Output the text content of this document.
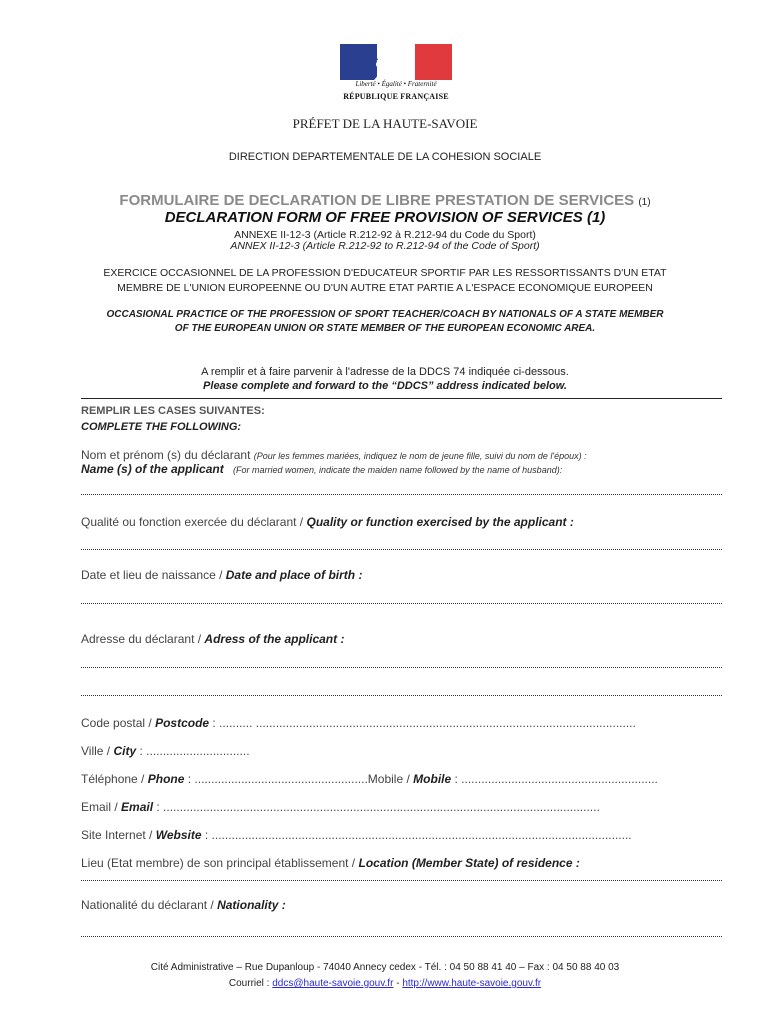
Liberté • Égalité • Fraternité
RÉPUBLIQUE FRANÇAISE
PRÉFET DE LA HAUTE-SAVOIE
DIRECTION DEPARTEMENTALE DE LA COHESION SOCIALE
FORMULAIRE DE DECLARATION DE LIBRE PRESTATION DE SERVICES (1)
DECLARATION FORM OF FREE PROVISION OF SERVICES (1)
ANNEXE II-12-3 (Article R.212-92 à R.212-94 du Code du Sport)
ANNEX II-12-3 (Article R.212-92 to R.212-94 of the Code of Sport)
EXERCICE OCCASIONNEL DE LA PROFESSION D'EDUCATEUR SPORTIF PAR LES RESSORTISSANTS D'UN ETAT
MEMBRE DE L'UNION EUROPEENNE OU D'UN AUTRE ETAT PARTIE A L'ESPACE ECONOMIQUE EUROPEEN
OCCASIONAL PRACTICE OF THE PROFESSION OF SPORT TEACHER/COACH BY NATIONALS OF A STATE MEMBER
OF THE EUROPEAN UNION OR STATE MEMBER OF THE EUROPEAN ECONOMIC AREA.
A remplir et à faire parvenir à l'adresse de la DDCS 74 indiquée ci-dessous.
Please complete and forward to the “DDCS” address indicated below.
REMPLIR LES CASES SUIVANTES:
COMPLETE THE FOLLOWING:
Nom et prénom (s) du déclarant (Pour les femmes mariées, indiquez le nom de jeune fille, suivi du nom de l'époux) :
Name (s) of the applicant (For married women, indicate the maiden name followed by the name of husband):
Qualité ou fonction exercée du déclarant / Quality or function exercised by the applicant :
Date et lieu de naissance / Date and place of birth :
Adresse du déclarant / Adress of the applicant :
Code postal / Postcode : .......... ..................................................................................................................
Ville / City : ...............................
Téléphone / Phone : ....................................................Mobile / Mobile : ...........................................................
Email / Email : ...................................................................................................................................
Site Internet / Website : ..............................................................................................................................
Lieu (Etat membre) de son principal établissement / Location (Member State) of residence :
Nationalité du déclarant / Nationality :
Cité Administrative – Rue Dupanloup - 74040 Annecy cedex - Tél. : 04 50 88 41 40 – Fax : 04 50 88 40 03
Courriel : ddcs@haute-savoie.gouv.fr - http://www.haute-savoie.gouv.fr
